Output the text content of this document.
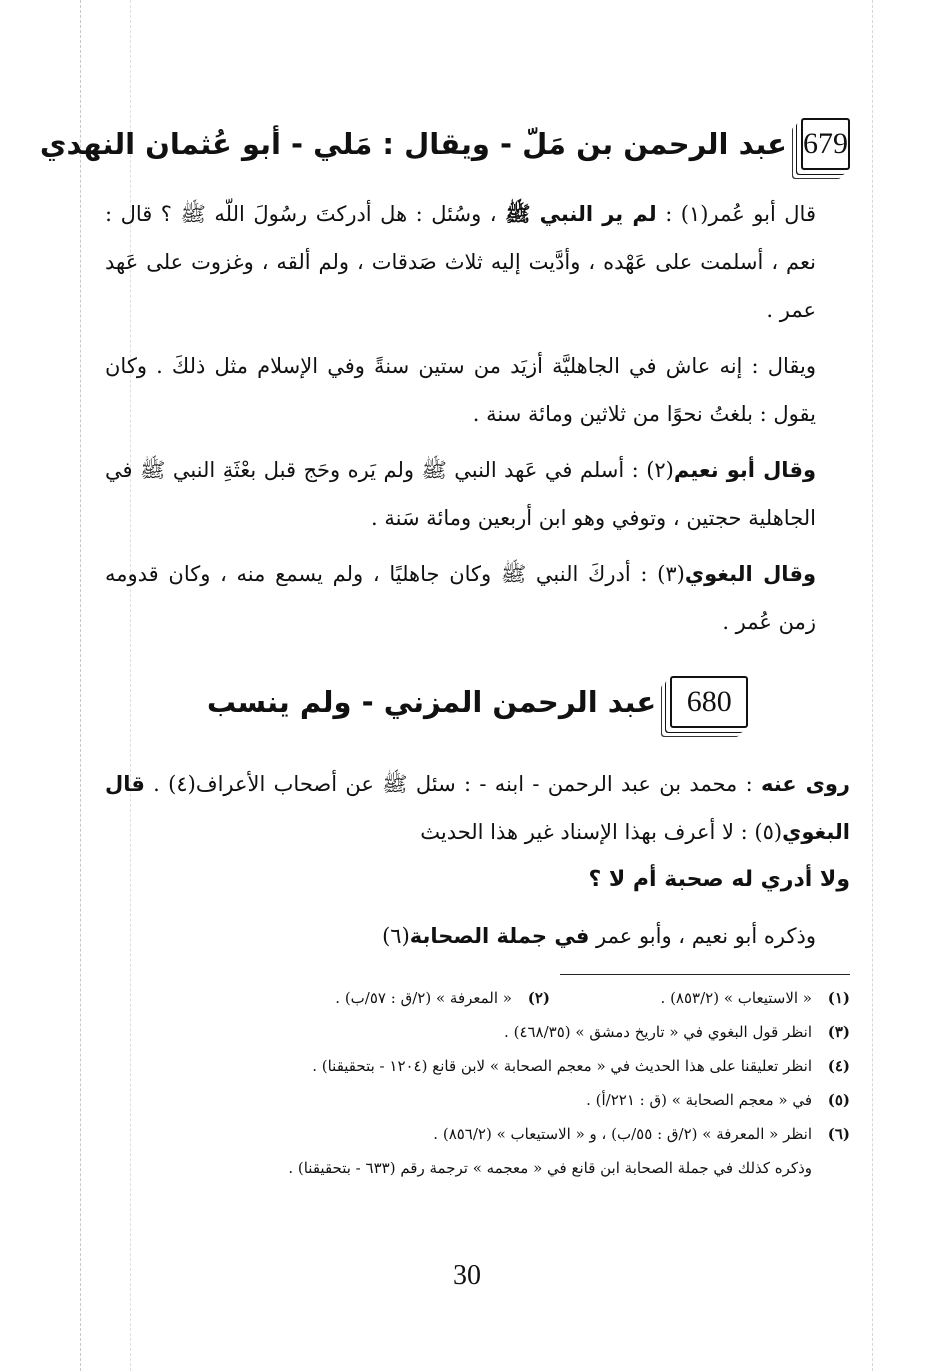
679
عبد الرحمن بن مَلّ - ويقال : مَلي - أبو عُثمان النهدي

قال أبو عُمر(١) : لم ير النبي ﷺ ، وسُئل : هل أدركتَ رسُولَ اللّه ﷺ ؟ قال : نعم ، أسلمت على عَهْده ، وأدَّيت إليه ثلاث صَدقات ، ولم ألقه ، وغزوت على عَهد عمر .

ويقال : إنه عاش في الجاهليَّة أزيَد من ستين سنةً وفي الإسلام مثل ذلكَ . وكان يقول : بلغتُ نحوًا من ثلاثين ومائة سنة .

وقال أبو نعيم(٢) : أسلم في عَهد النبي ﷺ ولم يَره وحَج قبل بعْثَةِ النبي ﷺ في الجاهلية حجتين ، وتوفي وهو ابن أربعين ومائة سَنة .

وقال البغوي(٣) : أدركَ النبي ﷺ وكان جاهليًا ، ولم يسمع منه ، وكان قدومه زمن عُمر .

680
عبد الرحمن المزني - ولم ينسب

روى عنه : محمد بن عبد الرحمن - ابنه - : سئل ﷺ عن أصحاب الأعراف(٤) . قال البغوي(٥) : لا أعرف بهذا الإسناد غير هذا الحديث

ولا أدري له صحبة أم لا ؟

وذكره أبو نعيم ، وأبو عمر في جملة الصحابة(٦)

(١)
« الاستيعاب » (٨٥٣/٢) .
(٢)
« المعرفة » (٢/ق : ٥٧/ب) .
(٣)
انظر قول البغوي في « تاريخ دمشق » (٤٦٨/٣٥) .
(٤)
انظر تعليقنا على هذا الحديث في « معجم الصحابة » لابن قانع (١٢٠٤ - بتحقيقنا) .
(٥)
في « معجم الصحابة » (ق : ٢٢١/أ) .
(٦)
انظر « المعرفة » (٢/ق : ٥٥/ب) ، و « الاستيعاب » (٨٥٦/٢) .
وذكره كذلك في جملة الصحابة ابن قانع في « معجمه » ترجمة رقم (٦٣٣ - بتحقيقنا) .
30
